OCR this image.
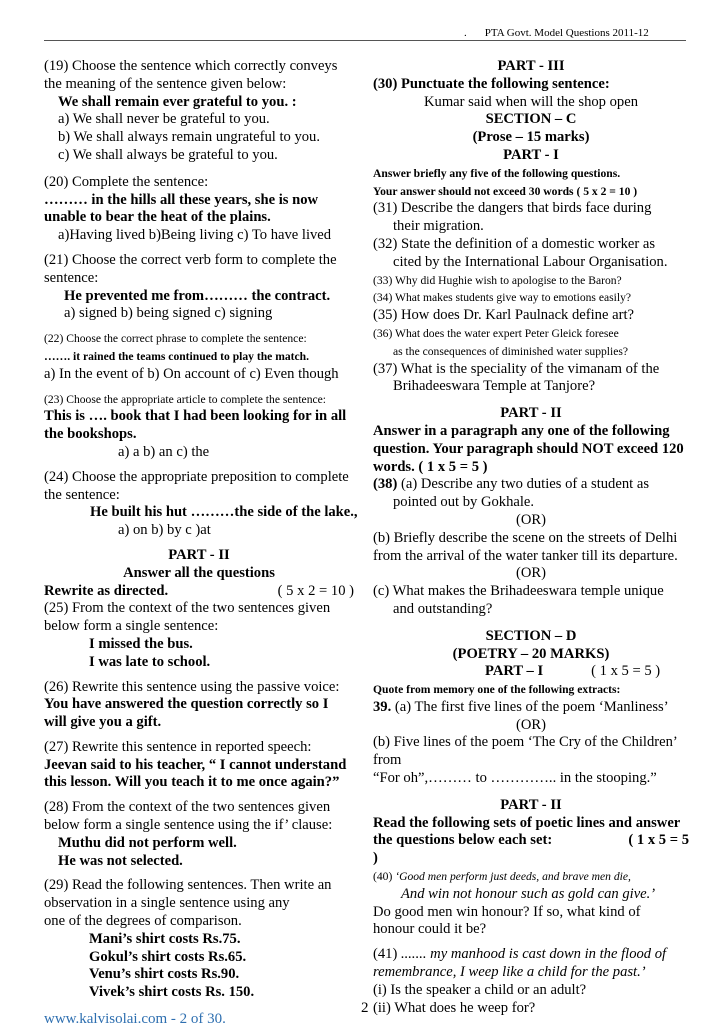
. PTA Govt. Model Questions 2011-12
(19) Choose the sentence which correctly conveys
the meaning of the sentence given below:
We shall remain ever grateful to you. :
a) We shall never be grateful to you.
b) We shall always remain ungrateful to you.
c) We shall always be grateful to you.
(20) Complete the sentence:
……… in the hills all these years, she is now
unable to bear the heat of the plains.
a)Having lived b)Being living c) To have lived
(21) Choose the correct verb form to complete the
sentence:
He prevented me from……… the contract.
a) signed b) being signed c) signing
(22) Choose the correct phrase to complete the sentence:
……. it rained the teams continued to play the match.
a) In the event of b) On account of c) Even though
(23) Choose the appropriate article to complete the sentence:
This is …. book that I had been looking for in all
the bookshops.
a) a b) an c) the
(24) Choose the appropriate preposition to complete
the sentence:
He built his hut ………the side of the lake.,
a) on b) by c )at
PART - II
Answer all the questions
Rewrite as directed.	( 5 x 2 = 10 )
(25) From the context of the two sentences given
below form a single sentence:
I missed the bus.
I was late to school.
(26) Rewrite this sentence using the passive voice:
You have answered the question correctly so I
will give you a gift.
(27) Rewrite this sentence in reported speech:
Jeevan said to his teacher, “ I cannot understand
this lesson. Will you teach it to me once again?”
(28) From the context of the two sentences given
below form a single sentence using the if’ clause:
Muthu did not perform well.
He was not selected.
(29) Read the following sentences. Then write an
observation in a single sentence using any
one of the degrees of comparison.
Mani’s shirt costs Rs.75.
Gokul’s shirt costs Rs.65.
Venu’s shirt costs Rs.90.
Vivek’s shirt costs Rs. 150.
PART - III
(30) Punctuate the following sentence:
Kumar said when will the shop open
SECTION – C
(Prose – 15 marks)
PART - I
Answer briefly any five of the following questions.
Your answer should not exceed 30 words ( 5 x 2 = 10 )
(31) Describe the dangers that birds face during
their migration.
(32) State the definition of a domestic worker as
cited by the International Labour Organisation.
(33) Why did Hughie wish to apologise to the Baron?
(34) What makes students give way to emotions easily?
(35) How does Dr. Karl Paulnack define art?
(36) What does the water expert Peter Gleick foresee
as the consequences of diminished water supplies?
(37) What is the speciality of the vimanam of the
Brihadeeswara Temple at Tanjore?
PART - II
Answer in a paragraph any one of the following
question. Your paragraph should NOT exceed 120
words. ( 1 x 5 = 5 )
(38) (a) Describe any two duties of a student as
pointed out by Gokhale.
(OR)
(b) Briefly describe the scene on the streets of Delhi
from the arrival of the water tanker till its departure.
(OR)
(c) What makes the Brihadeeswara temple unique
and outstanding?
SECTION – D
(POETRY – 20 MARKS)
PART – I	( 1 x 5 = 5 )
Quote from memory one of the following extracts:
39. (a) The first five lines of the poem ‘Manliness’
(OR)
(b) Five lines of the poem ‘The Cry of the Children’
from
“For oh”,……… to ………….. in the stooping.”
PART - II
Read the following sets of poetic lines and answer
the questions below each set:	( 1 x 5 = 5
)
(40) ‘Good men perform just deeds, and brave men die,
And win not honour such as gold can give.’
Do good men win honour? If so, what kind of
honour could it be?
(41) ....... my manhood is cast down in the flood of
remembrance, I weep like a child for the past.’
(i) Is the speaker a child or an adult?
(ii) What does he weep for?
2
www.kalvisolai.com - 2 of 30.
